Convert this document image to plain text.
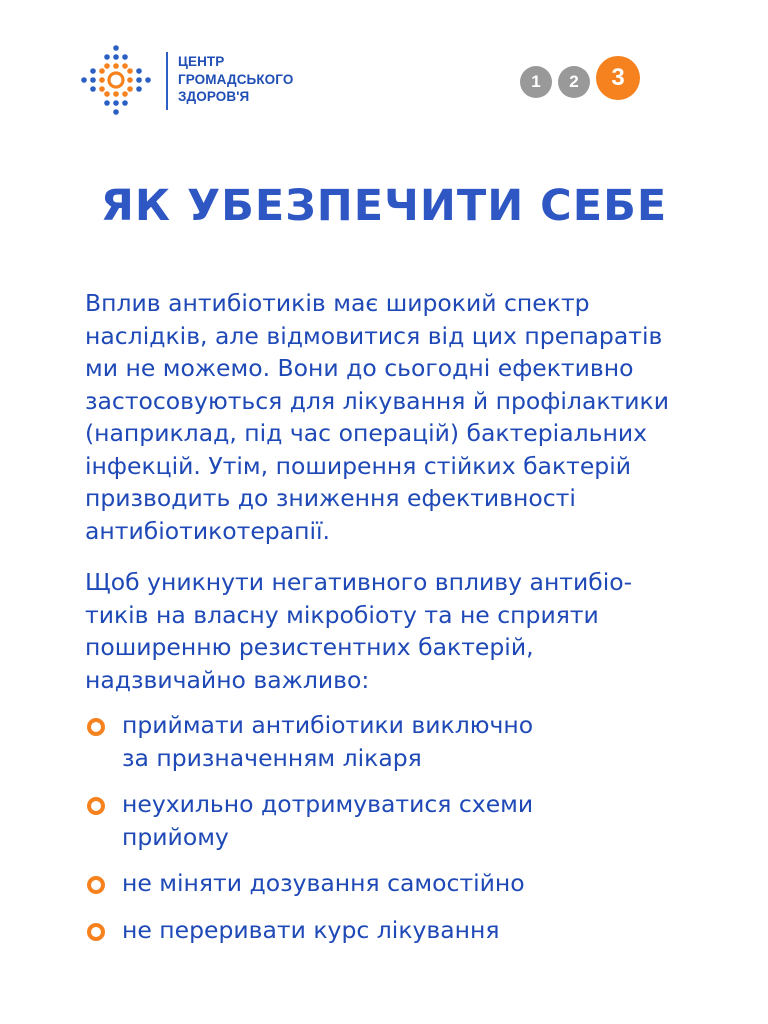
ЦЕНТР
ГРОМАДСЬКОГО
ЗДОРОВ'Я

1	2	3
ЯК УБЕЗПЕЧИТИ СЕБЕ

Вплив антибіотиків має широкий спектр
наслідків, але відмовитися від цих препаратів
ми не можемо. Вони до сьогодні ефективно
застосовуються для лікування й профілактики
(наприклад, під час операцій) бактеріальних
інфекцій. Утім, поширення стійких бактерій
призводить до зниження ефективності
антибіотикотерапії.

Щоб уникнути негативного впливу антибіо-
тиків на власну мікробіоту та не сприяти
поширенню резистентних бактерій,
надзвичайно важливо:

приймати антибіотики виключно
за призначенням лікаря
неухильно дотримуватися схеми
прийому
не міняти дозування самостійно
не переривати курс лікування
